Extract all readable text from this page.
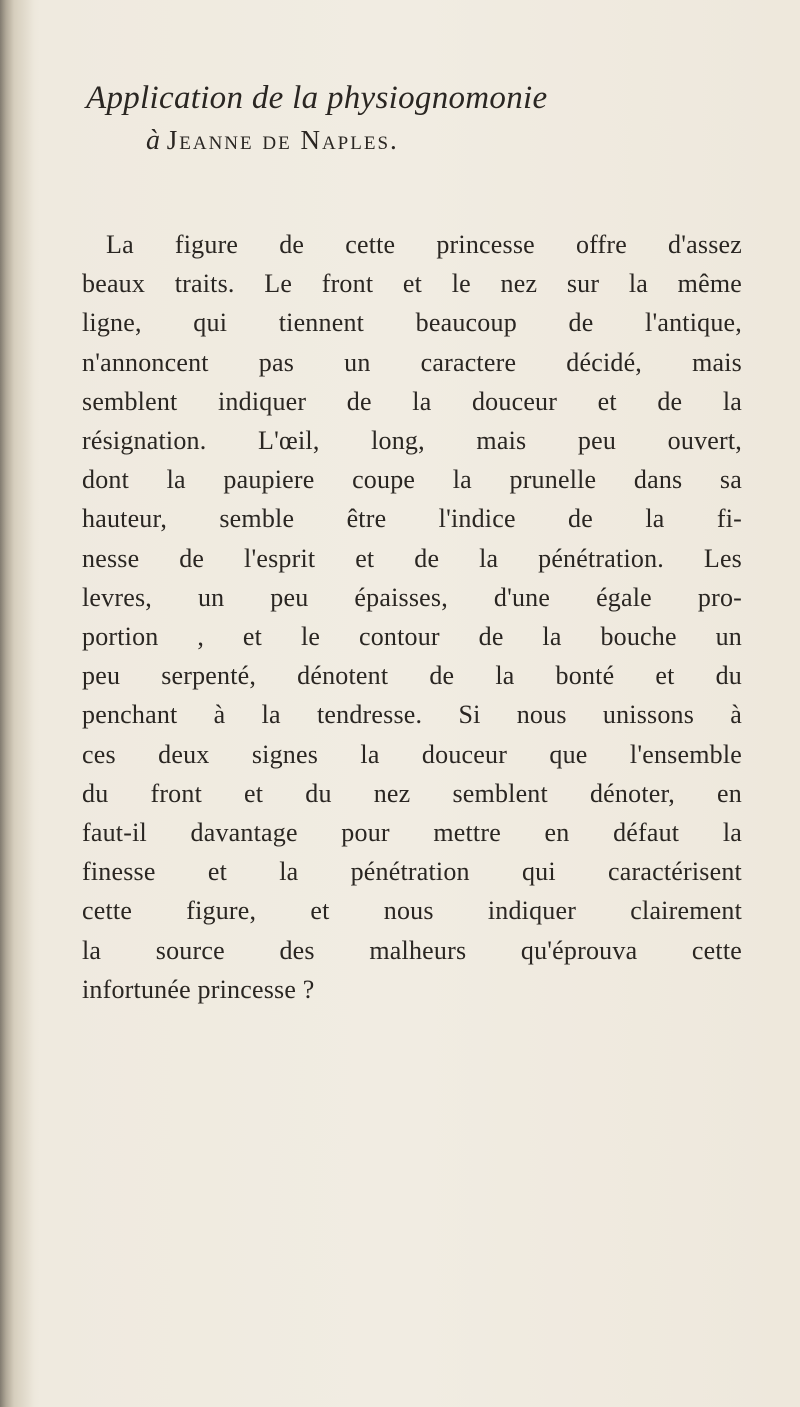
Application de la physiognomonie
à Jeanne de Naples.
La figure de cette princesse offre d'assez
beaux traits. Le front et le nez sur la même
ligne, qui tiennent beaucoup de l'antique,
n'annoncent pas un caractere décidé, mais
semblent indiquer de la douceur et de la
résignation. L'œil, long, mais peu ouvert,
dont la paupiere coupe la prunelle dans sa
hauteur, semble être l'indice de la fi-
nesse de l'esprit et de la pénétration. Les
levres, un peu épaisses, d'une égale pro-
portion , et le contour de la bouche un
peu serpenté, dénotent de la bonté et du
penchant à la tendresse. Si nous unissons à
ces deux signes la douceur que l'ensemble
du front et du nez semblent dénoter, en
faut-il davantage pour mettre en défaut la
finesse et la pénétration qui caractérisent
cette figure, et nous indiquer clairement
la source des malheurs qu'éprouva cette
infortunée princesse ?
